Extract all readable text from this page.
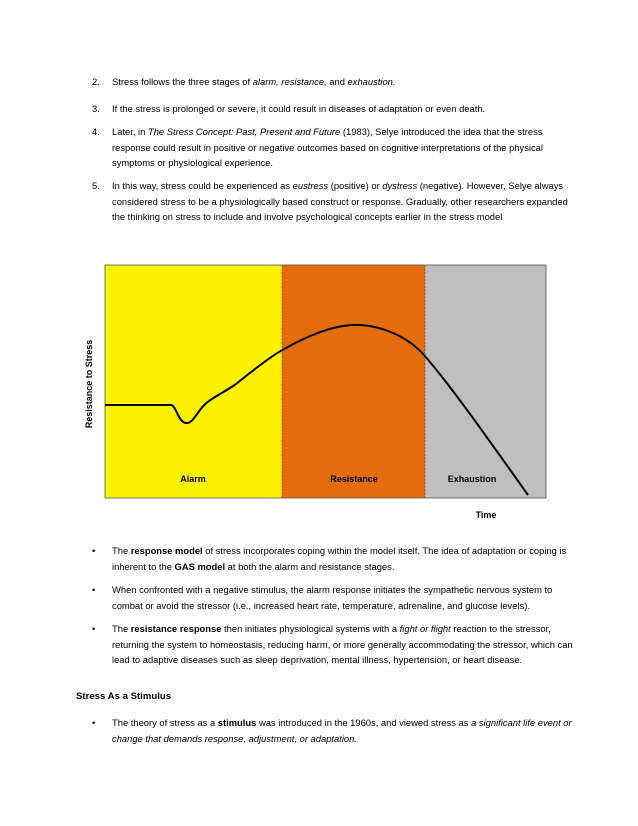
2. Stress follows the three stages of alarm, resistance, and exhaustion.
3. If the stress is prolonged or severe, it could result in diseases of adaptation or even death.
4. Later, in The Stress Concept: Past, Present and Future (1983), Selye introduced the idea that the stress response could result in positive or negative outcomes based on cognitive interpretations of the physical symptoms or physiological experience.
5. In this way, stress could be experienced as eustress (positive) or dystress (negative). However, Selye always considered stress to be a physiologically based construct or response. Gradually, other researchers expanded the thinking on stress to include and involve psychological concepts earlier in the stress model
Alarm	Resistance	Exhaustion
Time
Resistance to Stress
• The response model of stress incorporates coping within the model itself. The idea of adaptation or coping is inherent to the GAS model at both the alarm and resistance stages.
• When confronted with a negative stimulus, the alarm response initiates the sympathetic nervous system to combat or avoid the stressor (i.e., increased heart rate, temperature, adrenaline, and glucose levels).
• The resistance response then initiates physiological systems with a fight or flight reaction to the stressor, returning the system to homeostasis, reducing harm, or more generally accommodating the stressor, which can lead to adaptive diseases such as sleep deprivation, mental illness, hypertension, or heart disease.
Stress As a Stimulus
• The theory of stress as a stimulus was introduced in the 1960s, and viewed stress as a significant life event or change that demands response, adjustment, or adaptation.
